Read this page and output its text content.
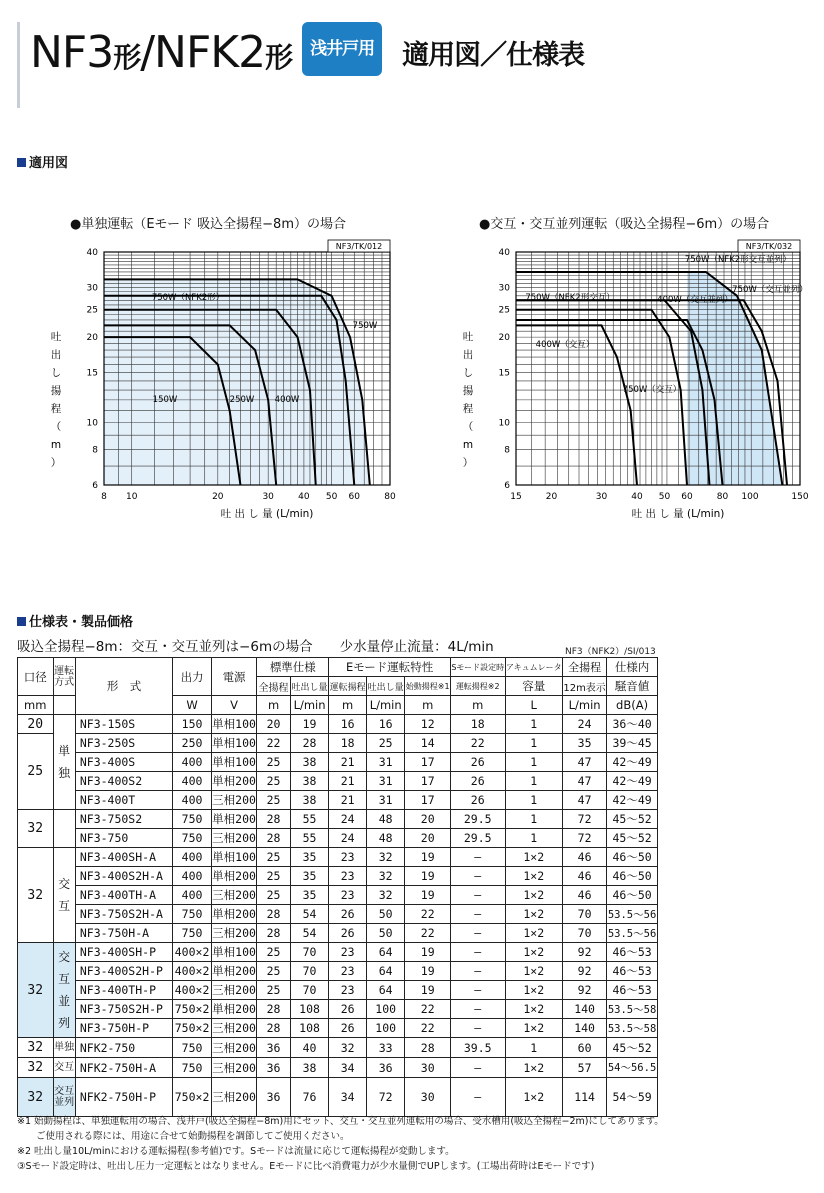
NF3形/NFK2形 浅井戸用 適用図／仕様表
適用図
●単独運転（Eモード 吸込全揚程−8m）の場合	●交互・交互並列運転（吸込全揚程−6m）の場合
8 10	20	30	40 50 60	80
6
8
10
15
20
25
30
40
750W（NFK2形）
750W
150W	250W 400W
NF3/TK/012
吐 出 し 量 (L/min)
吐
出
し
揚
程
（
m
）
15	20	30	40 50 60	80 100	150
6
8
10
15
20
25
30
40
750W（NFK2形交互）
400W（交互）
750W（交互）
400W（交互並列）
750W（NFK2形交互並列）
750W（交互並列）
NF3/TK/032
吐 出 し 量 (L/min)
吐
出
し
揚
程
（
m
）
仕様表・製品価格
吸込全揚程−8m：交互・交互並列は−6mの場合　　少水量停止流量：4L/min	NF3（NFK2）/SI/013
口径	運転方式	形　式	出力	電源	標準仕様		Eモード運転特性			Sモード設定時	アキュムレータ	全揚程	仕様内
					全揚程	吐出し量	運転揚程	吐出し量	始動揚程※1	運転揚程※2	容量	12m表示	騒音値
mm			W	V	m	L/min	m	L/min	m	m	L	L/min	dB(A)
20	単独	NF3-150S	150	単相100	20	19	16	16	12	18	1	24	36〜40
25		NF3-250S	250	単相100	22	28	18	25	14	22	1	35	39〜45
		NF3-400S	400	単相100	25	38	21	31	17	26	1	47	42〜49
		NF3-400S2	400	単相200	25	38	21	31	17	26	1	47	42〜49
		NF3-400T	400	三相200	25	38	21	31	17	26	1	47	42〜49
32		NF3-750S2	750	単相200	28	55	24	48	20	29.5	1	72	45〜52
		NF3-750	750	三相200	28	55	24	48	20	29.5	1	72	45〜52
32	交互	NF3-400SH-A	400	単相100	25	35	23	32	19	—	1×2	46	46〜50
		NF3-400S2H-A	400	単相200	25	35	23	32	19	—	1×2	46	46〜50
		NF3-400TH-A	400	三相200	25	35	23	32	19	—	1×2	46	46〜50
		NF3-750S2H-A	750	単相200	28	54	26	50	22	—	1×2	70	53.5〜56
		NF3-750H-A	750	三相200	28	54	26	50	22	—	1×2	70	53.5〜56
32	交互並列	NF3-400SH-P	400×2	単相100	25	70	23	64	19	—	1×2	92	46〜53
		NF3-400S2H-P	400×2	単相200	25	70	23	64	19	—	1×2	92	46〜53
		NF3-400TH-P	400×2	三相200	25	70	23	64	19	—	1×2	92	46〜53
		NF3-750S2H-P	750×2	単相200	28	108	26	100	22	—	1×2	140	53.5〜58
		NF3-750H-P	750×2	三相200	28	108	26	100	22	—	1×2	140	53.5〜58
32	単独	NFK2-750	750	三相200	36	40	32	33	28	39.5	1	60	45〜52
32	交互	NFK2-750H-A	750	三相200	36	38	34	36	30	—	1×2	57	54〜56.5
32	交互並列	NFK2-750H-P	750×2	三相200	36	76	34	72	30	—	1×2	114	54〜59
※1 始動揚程は、単独運転用の場合、浅井戸(吸込全揚程−8m)用にセット、交互・交互並列運転用の場合、受水槽用(吸込全揚程−2m)にしてあります。
　　ご使用される際には、用途に合せて始動揚程を調節してご使用ください。
※2 吐出し量10L/minにおける運転揚程(参考値)です。Sモードは流量に応じて運転揚程が変動します。
③Sモード設定時は、吐出し圧力一定運転とはなりません。Eモードに比べ消費電力が少水量側でUPします。(工場出荷時はEモードです)
